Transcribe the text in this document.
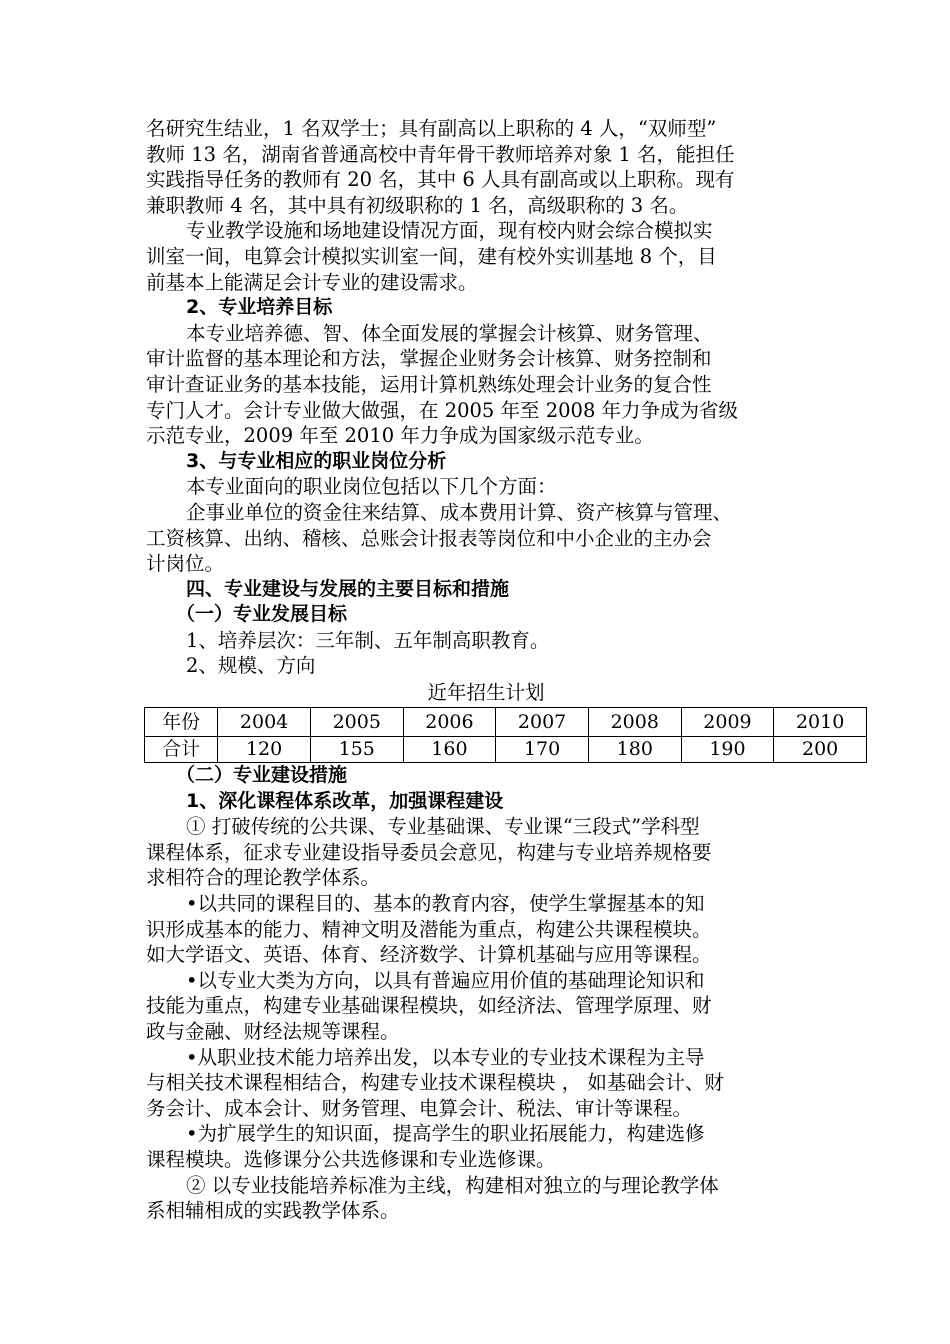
名研究生结业，1 名双学士；具有副高以上职称的 4 人，“双师型”
教师 13 名，湖南省普通高校中青年骨干教师培养对象 1 名，能担任
实践指导任务的教师有 20 名，其中 6 人具有副高或以上职称。现有
兼职教师 4 名，其中具有初级职称的 1 名，高级职称的 3 名。
专业教学设施和场地建设情况方面，现有校内财会综合模拟实
训室一间，电算会计模拟实训室一间，建有校外实训基地 8 个，目
前基本上能满足会计专业的建设需求。
2、专业培养目标
本专业培养德、智、体全面发展的掌握会计核算、财务管理、
审计监督的基本理论和方法，掌握企业财务会计核算、财务控制和
审计查证业务的基本技能，运用计算机熟练处理会计业务的复合性
专门人才。会计专业做大做强，在 2005 年至 2008 年力争成为省级
示范专业，2009 年至 2010 年力争成为国家级示范专业。
3、与专业相应的职业岗位分析
本专业面向的职业岗位包括以下几个方面：
企事业单位的资金往来结算、成本费用计算、资产核算与管理、
工资核算、出纳、稽核、总账会计报表等岗位和中小企业的主办会
计岗位。
四、专业建设与发展的主要目标和措施
（一）专业发展目标
1、培养层次：三年制、五年制高职教育。
2、规模、方向
近年招生计划
年份	2004	2005	2006	2007	2008	2009	2010
合计	120	155	160	170	180	190	200
（二）专业建设措施
1、深化课程体系改革，加强课程建设
① 打破传统的公共课、专业基础课、专业课“三段式”学科型
课程体系，征求专业建设指导委员会意见，构建与专业培养规格要
求相符合的理论教学体系。
•以共同的课程目的、基本的教育内容，使学生掌握基本的知
识形成基本的能力、精神文明及潜能为重点，构建公共课程模块。
如大学语文、英语、体育、经济数学、计算机基础与应用等课程。
•以专业大类为方向，以具有普遍应用价值的基础理论知识和
技能为重点，构建专业基础课程模块，如经济法、管理学原理、财
政与金融、财经法规等课程。
•从职业技术能力培养出发，以本专业的专业技术课程为主导
与相关技术课程相结合，构建专业技术课程模块 ， 如基础会计、财
务会计、成本会计、财务管理、电算会计、税法、审计等课程。
•为扩展学生的知识面，提高学生的职业拓展能力，构建选修
课程模块。选修课分公共选修课和专业选修课。
② 以专业技能培养标准为主线，构建相对独立的与理论教学体
系相辅相成的实践教学体系。
